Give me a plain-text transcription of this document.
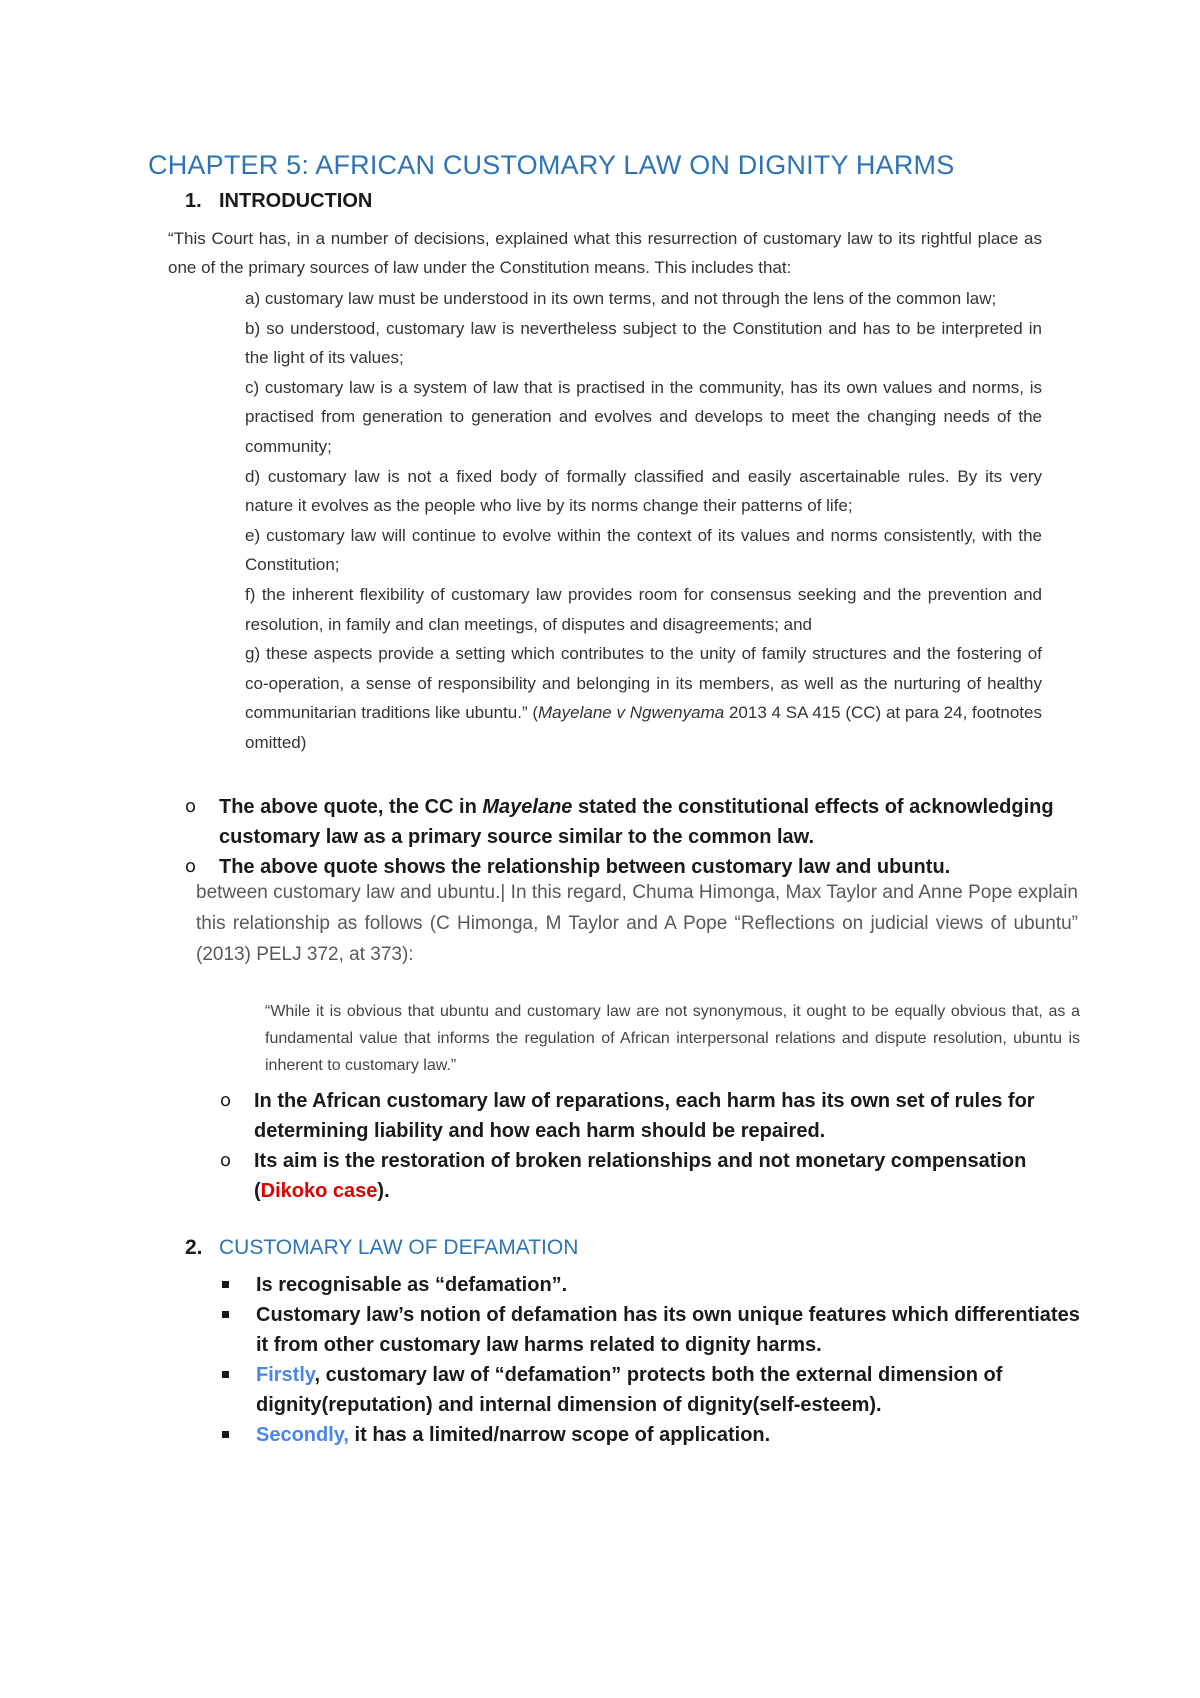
CHAPTER 5: AFRICAN CUSTOMARY LAW ON DIGNITY HARMS
1. INTRODUCTION
“This Court has, in a number of decisions, explained what this resurrection of customary law to its rightful place as one of the primary sources of law under the Constitution means. This includes that:
a) customary law must be understood in its own terms, and not through the lens of the common law;
b) so understood, customary law is nevertheless subject to the Constitution and has to be interpreted in the light of its values;
c) customary law is a system of law that is practised in the community, has its own values and norms, is practised from generation to generation and evolves and develops to meet the changing needs of the community;
d) customary law is not a fixed body of formally classified and easily ascertainable rules. By its very nature it evolves as the people who live by its norms change their patterns of life;
e) customary law will continue to evolve within the context of its values and norms consistently, with the Constitution;
f) the inherent flexibility of customary law provides room for consensus seeking and the prevention and resolution, in family and clan meetings, of disputes and disagreements; and
g) these aspects provide a setting which contributes to the unity of family structures and the fostering of co-operation, a sense of responsibility and belonging in its members, as well as the nurturing of healthy communitarian traditions like ubuntu.” (Mayelane v Ngwenyama 2013 4 SA 415 (CC) at para 24, footnotes omitted)
o The above quote, the CC in Mayelane stated the constitutional effects of acknowledging customary law as a primary source similar to the common law.
o The above quote shows the relationship between customary law and ubuntu.
between customary law and ubuntu.| In this regard, Chuma Himonga, Max Taylor and Anne Pope explain this relationship as follows (C Himonga, M Taylor and A Pope “Reflections on judicial views of ubuntu” (2013) PELJ 372, at 373):
“While it is obvious that ubuntu and customary law are not synonymous, it ought to be equally obvious that, as a fundamental value that informs the regulation of African interpersonal relations and dispute resolution, ubuntu is inherent to customary law.”
o In the African customary law of reparations, each harm has its own set of rules for determining liability and how each harm should be repaired.
o Its aim is the restoration of broken relationships and not monetary compensation (Dikoko case).
2. CUSTOMARY LAW OF DEFAMATION
Is recognisable as “defamation”.
Customary law’s notion of defamation has its own unique features which differentiates it from other customary law harms related to dignity harms.
Firstly, customary law of “defamation” protects both the external dimension of dignity(reputation) and internal dimension of dignity(self-esteem).
Secondly, it has a limited/narrow scope of application.
